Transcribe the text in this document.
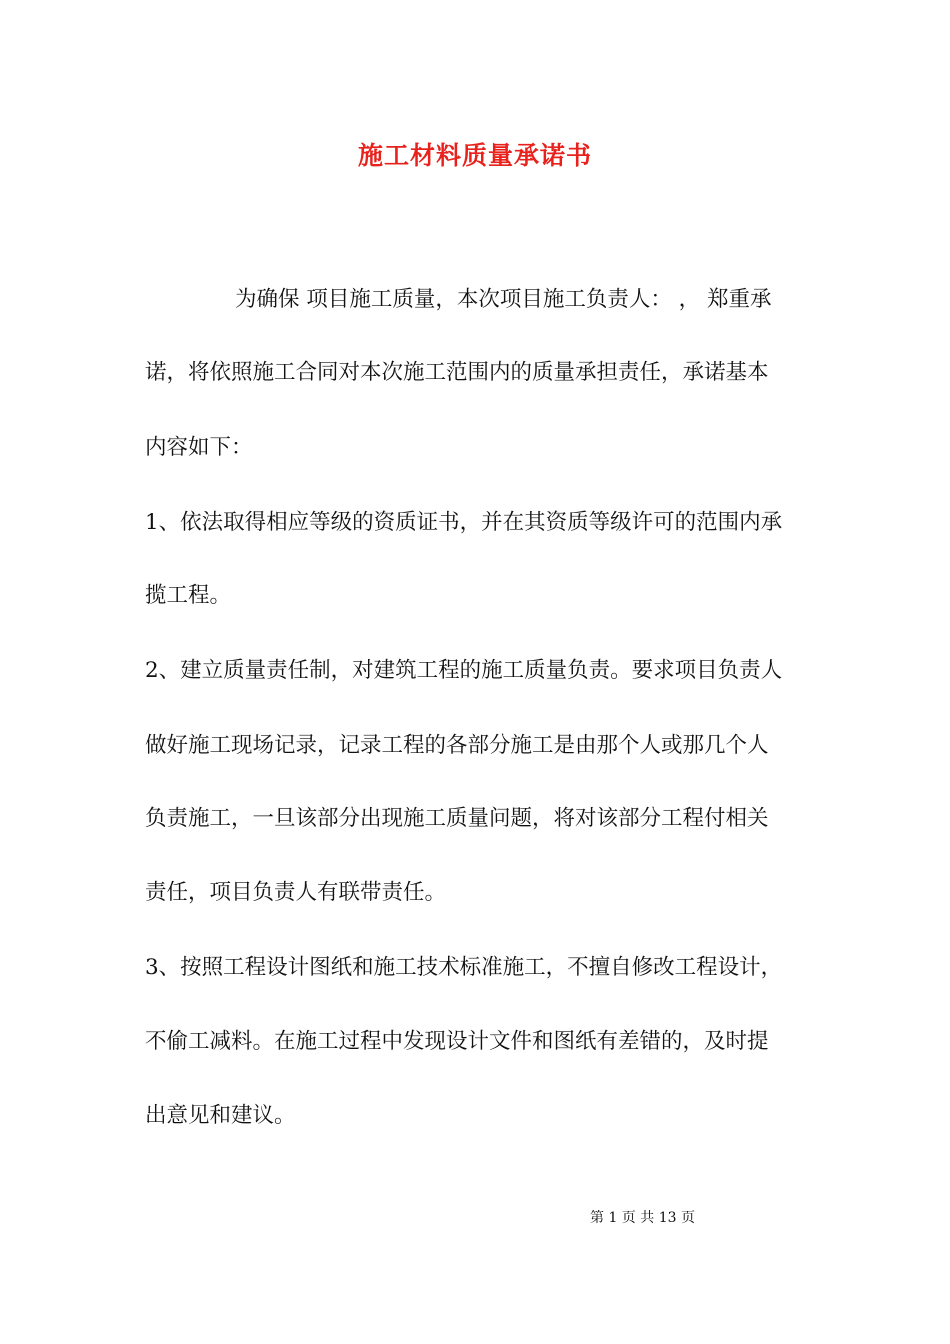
施工材料质量承诺书
为确保 项目施工质量，本次项目施工负责人： ， 郑重承
诺，将依照施工合同对本次施工范围内的质量承担责任，承诺基本
内容如下：
1、依法取得相应等级的资质证书，并在其资质等级许可的范围内承
揽工程。
2、建立质量责任制，对建筑工程的施工质量负责。要求项目负责人
做好施工现场记录，记录工程的各部分施工是由那个人或那几个人
负责施工，一旦该部分出现施工质量问题，将对该部分工程付相关
责任，项目负责人有联带责任。
3、按照工程设计图纸和施工技术标准施工，不擅自修改工程设计，
不偷工减料。在施工过程中发现设计文件和图纸有差错的，及时提
出意见和建议。
第 1 页 共 13 页
